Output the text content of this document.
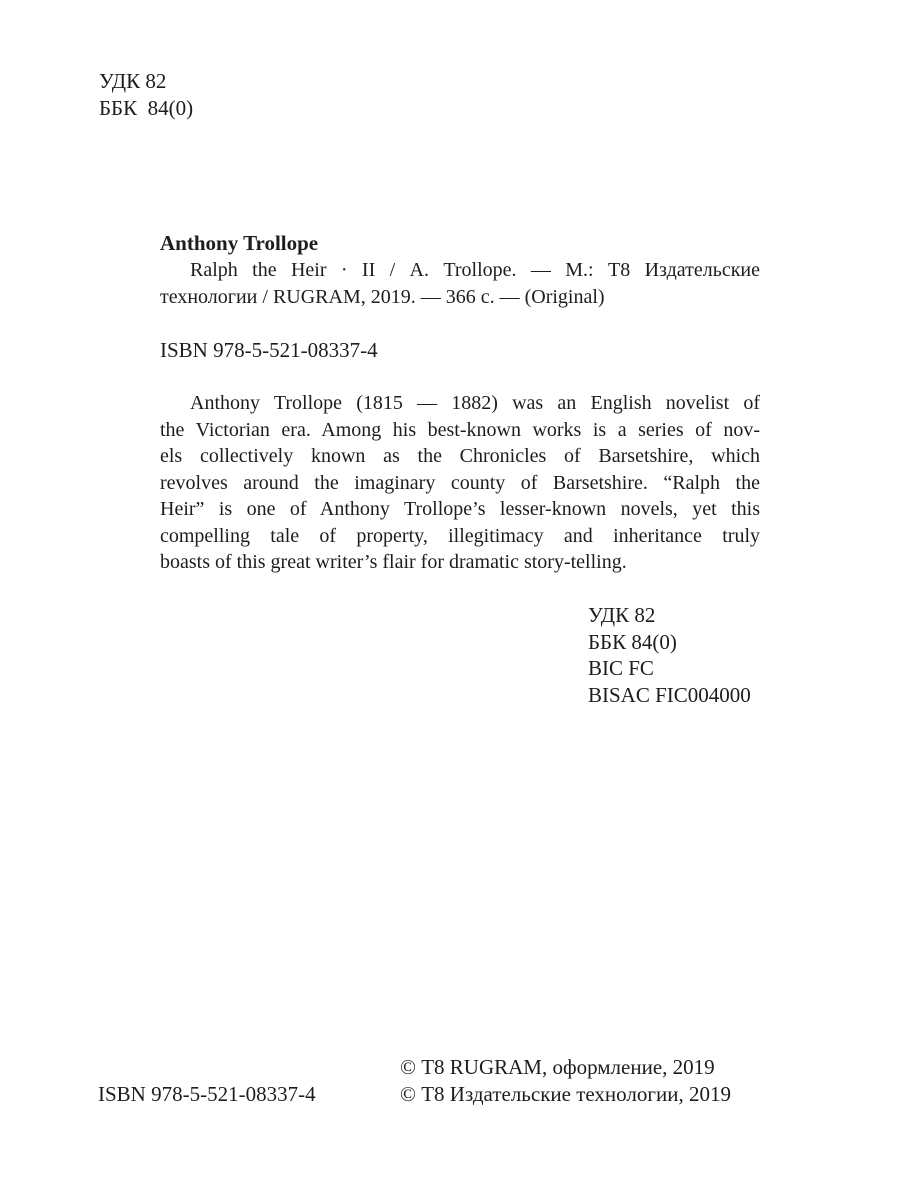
УДК 82
ББК  84(0)
Anthony Trollope
Ralph the Heir · II / А. Trollope. — М.: Т8 Издательские
технологии / RUGRAM, 2019. — 366 с. — (Original)
ISBN 978-5-521-08337-4
Anthony Trollope (1815 — 1882) was an English novelist of
the Victorian era. Among his best-known works is a series of nov-
els collectively known as the Chronicles of Barsetshire, which
revolves around the imaginary county of Barsetshire. “Ralph the
Heir” is one of Anthony Trollope’s lesser-known novels, yet this
compelling tale of property, illegitimacy and inheritance truly
boasts of this great writer’s flair for dramatic story-telling.
УДК 82
ББК 84(0)
BIC FC
BISAC FIC004000
ISBN 978-5-521-08337-4
© Т8 RUGRAM, оформление, 2019
© Т8 Издательские технологии, 2019
